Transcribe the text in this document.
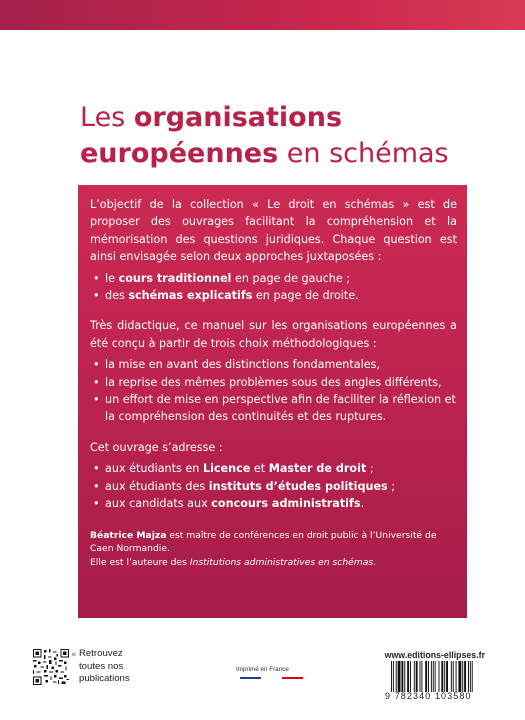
Les organisations
européennes en schémas

L’objectif de la collection « Le droit en schémas » est de proposer des ouvrages facilitant la compréhension et la mémorisation des questions juridiques. Chaque question est ainsi envisagée selon deux approches juxtaposées :

• le cours traditionnel en page de gauche ;
• des schémas explicatifs en page de droite.

Très didactique, ce manuel sur les organisations européennes a été conçu à partir de trois choix méthodologiques :

• la mise en avant des distinctions fondamentales,
• la reprise des mêmes problèmes sous des angles différents,
• un effort de mise en perspective afin de faciliter la réflexion et la compréhension des continuités et des ruptures.

Cet ouvrage s’adresse :

• aux étudiants en Licence et Master de droit ;
• aux étudiants des instituts d’études politiques ;
• aux candidats aux concours administratifs.
Béatrice Majza est maître de conférences en droit public à l’Université de Caen Normandie.
Elle est l’auteure des Institutions administratives en schémas.
« Retrouvez
toutes nos
publications
Imprimé en France
www.editions-ellipses.fr
9 782340 103580
